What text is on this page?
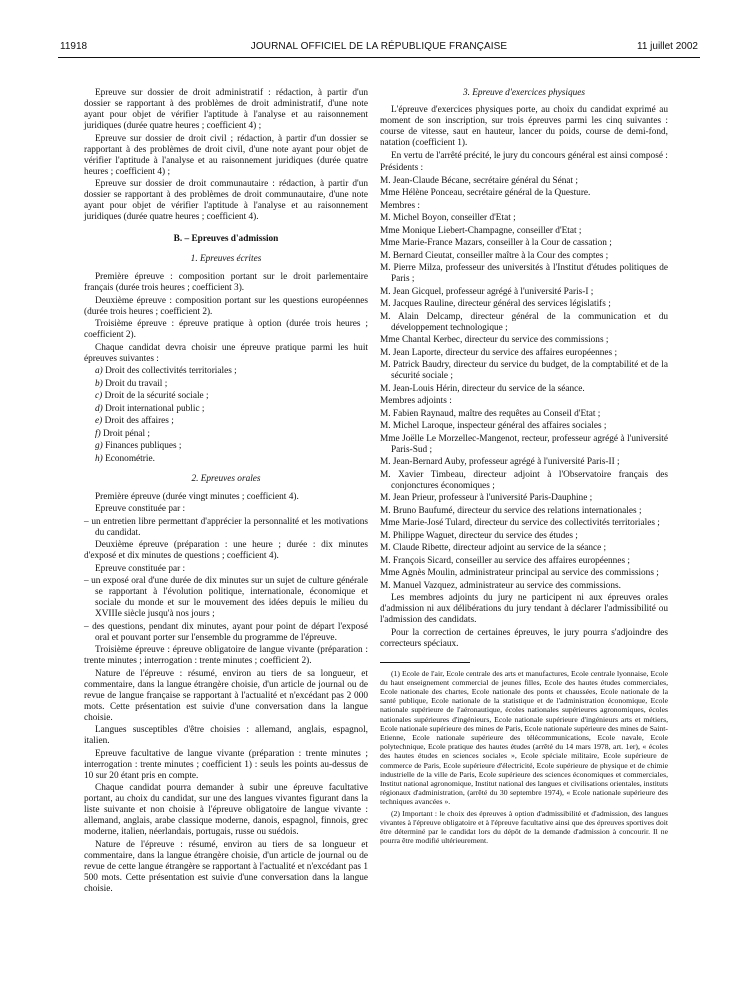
11918	JOURNAL OFFICIEL DE LA RÉPUBLIQUE FRANÇAISE	11 juillet 2002

Epreuve sur dossier de droit administratif : rédaction, à partir d'un dossier se rapportant à des problèmes de droit administratif, d'une note ayant pour objet de vérifier l'aptitude à l'analyse et au raisonnement juridiques (durée quatre heures ; coefficient 4) ;

Epreuve sur dossier de droit civil ; rédaction, à partir d'un dossier se rapportant à des problèmes de droit civil, d'une note ayant pour objet de vérifier l'aptitude à l'analyse et au raisonnement juridiques (durée quatre heures ; coefficient 4) ;

Epreuve sur dossier de droit communautaire : rédaction, à partir d'un dossier se rapportant à des problèmes de droit communautaire, d'une note ayant pour objet de vérifier l'aptitude à l'analyse et au raisonnement juridiques (durée quatre heures ; coefficient 4).

B. – Epreuves d'admission
1. Epreuves écrites

Première épreuve : composition portant sur le droit parlementaire français (durée trois heures ; coefficient 3).

Deuxième épreuve : composition portant sur les questions européennes (durée trois heures ; coefficient 2).

Troisième épreuve : épreuve pratique à option (durée trois heures ; coefficient 2).

Chaque candidat devra choisir une épreuve pratique parmi les huit épreuves suivantes :

a) Droit des collectivités territoriales ;

b) Droit du travail ;

c) Droit de la sécurité sociale ;

d) Droit international public ;

e) Droit des affaires ;

f) Droit pénal ;

g) Finances publiques ;

h) Econométrie.

2. Epreuves orales

Première épreuve (durée vingt minutes ; coefficient 4).

Epreuve constituée par :

– un entretien libre permettant d'apprécier la personnalité et les motivations du candidat.

Deuxième épreuve (préparation : une heure ; durée : dix minutes d'exposé et dix minutes de questions ; coefficient 4).

Epreuve constituée par :

– un exposé oral d'une durée de dix minutes sur un sujet de culture générale se rapportant à l'évolution politique, internationale, économique et sociale du monde et sur le mouvement des idées depuis le milieu du XVIIIe siècle jusqu'à nos jours ;

– des questions, pendant dix minutes, ayant pour point de départ l'exposé oral et pouvant porter sur l'ensemble du programme de l'épreuve.

Troisième épreuve : épreuve obligatoire de langue vivante (préparation : trente minutes ; interrogation : trente minutes ; coefficient 2).

Nature de l'épreuve : résumé, environ au tiers de sa longueur, et commentaire, dans la langue étrangère choisie, d'un article de journal ou de revue de langue française se rapportant à l'actualité et n'excédant pas 2 000 mots. Cette présentation est suivie d'une conversation dans la langue choisie.

Langues susceptibles d'être choisies : allemand, anglais, espagnol, italien.

Epreuve facultative de langue vivante (préparation : trente minutes ; interrogation : trente minutes ; coefficient 1) : seuls les points au-dessus de 10 sur 20 étant pris en compte.

Chaque candidat pourra demander à subir une épreuve facultative portant, au choix du candidat, sur une des langues vivantes figurant dans la liste suivante et non choisie à l'épreuve obligatoire de langue vivante : allemand, anglais, arabe classique moderne, danois, espagnol, finnois, grec moderne, italien, néerlandais, portugais, russe ou suédois.

Nature de l'épreuve : résumé, environ au tiers de sa longueur et commentaire, dans la langue étrangère choisie, d'un article de journal ou de revue de cette langue étrangère se rapportant à l'actualité et n'excédant pas 1 500 mots. Cette présentation est suivie d'une conversation dans la langue choisie.

3. Epreuve d'exercices physiques

L'épreuve d'exercices physiques porte, au choix du candidat exprimé au moment de son inscription, sur trois épreuves parmi les cinq suivantes : course de vitesse, saut en hauteur, lancer du poids, course de demi-fond, natation (coefficient 1).

En vertu de l'arrêté précité, le jury du concours général est ainsi composé :

Présidents :

M. Jean-Claude Bécane, secrétaire général du Sénat ;

Mme Hélène Ponceau, secrétaire général de la Questure.

Membres :

M. Michel Boyon, conseiller d'Etat ;

Mme Monique Liebert-Champagne, conseiller d'Etat ;

Mme Marie-France Mazars, conseiller à la Cour de cassation ;

M. Bernard Cieutat, conseiller maître à la Cour des comptes ;

M. Pierre Milza, professeur des universités à l'Institut d'études politiques de Paris ;

M. Jean Gicquel, professeur agrégé à l'université Paris-I ;

M. Jacques Rauline, directeur général des services législatifs ;

M. Alain Delcamp, directeur général de la communication et du développement technologique ;

Mme Chantal Kerbec, directeur du service des commissions ;

M. Jean Laporte, directeur du service des affaires européennes ;

M. Patrick Baudry, directeur du service du budget, de la comptabilité et de la sécurité sociale ;

M. Jean-Louis Hérin, directeur du service de la séance.

Membres adjoints :

M. Fabien Raynaud, maître des requêtes au Conseil d'Etat ;

M. Michel Laroque, inspecteur général des affaires sociales ;

Mme Joëlle Le Morzellec-Mangenot, recteur, professeur agrégé à l'université Paris-Sud ;

M. Jean-Bernard Auby, professeur agrégé à l'université Paris-II ;

M. Xavier Timbeau, directeur adjoint à l'Observatoire français des conjonctures économiques ;

M. Jean Prieur, professeur à l'université Paris-Dauphine ;

M. Bruno Baufumé, directeur du service des relations internationales ;

Mme Marie-José Tulard, directeur du service des collectivités territoriales ;

M. Philippe Waguet, directeur du service des études ;

M. Claude Ribette, directeur adjoint au service de la séance ;

M. François Sicard, conseiller au service des affaires européennes ;

Mme Agnès Moulin, administrateur principal au service des commissions ;

M. Manuel Vazquez, administrateur au service des commissions.

Les membres adjoints du jury ne participent ni aux épreuves orales d'admission ni aux délibérations du jury tendant à déclarer l'admissibilité ou l'admission des candidats.

Pour la correction de certaines épreuves, le jury pourra s'adjoindre des correcteurs spéciaux.

(1) Ecole de l'air, Ecole centrale des arts et manufactures, Ecole centrale lyonnaise, Ecole du haut enseignement commercial de jeunes filles, Ecole des hautes études commerciales, Ecole nationale des chartes, Ecole nationale des ponts et chaussées, Ecole nationale de la santé publique, Ecole nationale de la statistique et de l'administration économique, Ecole nationale supérieure de l'aéronautique, écoles nationales supérieures agronomiques, écoles nationales supérieures d'ingénieurs, Ecole nationale supérieure d'ingénieurs arts et métiers, Ecole nationale supérieure des mines de Paris, Ecole nationale supérieure des mines de Saint-Etienne, Ecole nationale supérieure des télécommunications, Ecole navale, Ecole polytechnique, Ecole pratique des hautes études (arrêté du 14 mars 1978, art. 1er), « écoles des hautes études en sciences sociales », Ecole spéciale militaire, Ecole supérieure de commerce de Paris, Ecole supérieure d'électricité, Ecole supérieure de physique et de chimie industrielle de la ville de Paris, Ecole supérieure des sciences économiques et commerciales, Institut national agronomique, Institut national des langues et civilisations orientales, instituts régionaux d'administration, (arrêté du 30 septembre 1974), « Ecole nationale supérieure des techniques avancées ».

(2) Important : le choix des épreuves à option d'admissibilité et d'admission, des langues vivantes à l'épreuve obligatoire et à l'épreuve facultative ainsi que des épreuves sportives doit être déterminé par le candidat lors du dépôt de la demande d'admission à concourir. Il ne pourra être modifié ultérieurement.
